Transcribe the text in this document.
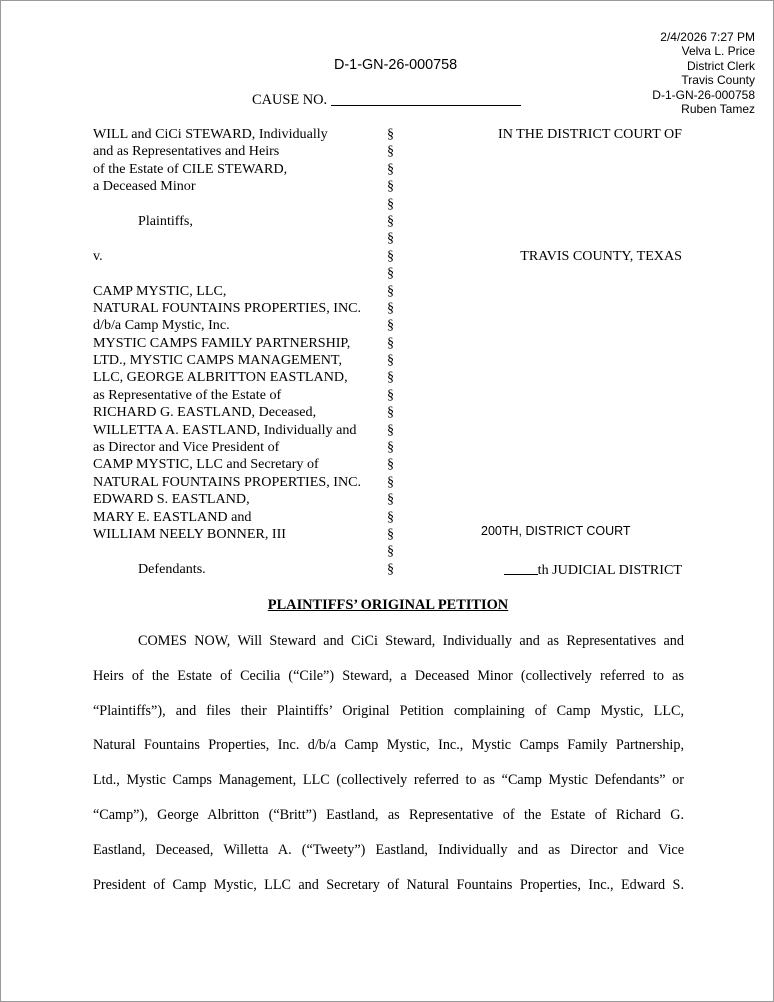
2/4/2026 7:27 PM
Velva L. Price
District Clerk
Travis County
D-1-GN-26-000758
Ruben Tamez
D-1-GN-26-000758
CAUSE NO.
WILL and CiCi STEWARD, Individually
and as Representatives and Heirs
of the Estate of CILE STEWARD,
a Deceased Minor
Plaintiffs,
v.
CAMP MYSTIC, LLC,
NATURAL FOUNTAINS PROPERTIES, INC.
d/b/a Camp Mystic, Inc.
MYSTIC CAMPS FAMILY PARTNERSHIP,
LTD., MYSTIC CAMPS MANAGEMENT,
LLC, GEORGE ALBRITTON EASTLAND,
as Representative of the Estate of
RICHARD G. EASTLAND, Deceased,
WILLETTA A. EASTLAND, Individually and
as Director and Vice President of
CAMP MYSTIC, LLC and Secretary of
NATURAL FOUNTAINS PROPERTIES, INC.
EDWARD S. EASTLAND,
MARY E. EASTLAND and
WILLIAM NEELY BONNER, III
Defendants.
§
§
§
§
§
§
§
§
§
§
§
§
§
§
§
§
§
§
§
§
§
§
§
§
§
§
IN THE DISTRICT COURT OF
TRAVIS COUNTY, TEXAS
200TH, DISTRICT COURT
th JUDICIAL DISTRICT
PLAINTIFFS’ ORIGINAL PETITION
COMES NOW, Will Steward and CiCi Steward, Individually and as Representatives and
Heirs of the Estate of Cecilia (“Cile”) Steward, a Deceased Minor (collectively referred to as
“Plaintiffs”), and files their Plaintiffs’ Original Petition complaining of Camp Mystic, LLC,
Natural Fountains Properties, Inc. d/b/a Camp Mystic, Inc., Mystic Camps Family Partnership,
Ltd., Mystic Camps Management, LLC (collectively referred to as “Camp Mystic Defendants” or
“Camp”), George Albritton (“Britt”) Eastland, as Representative of the Estate of Richard G.
Eastland, Deceased, Willetta A. (“Tweety”) Eastland, Individually and as Director and Vice
President of Camp Mystic, LLC and Secretary of Natural Fountains Properties, Inc., Edward S.
